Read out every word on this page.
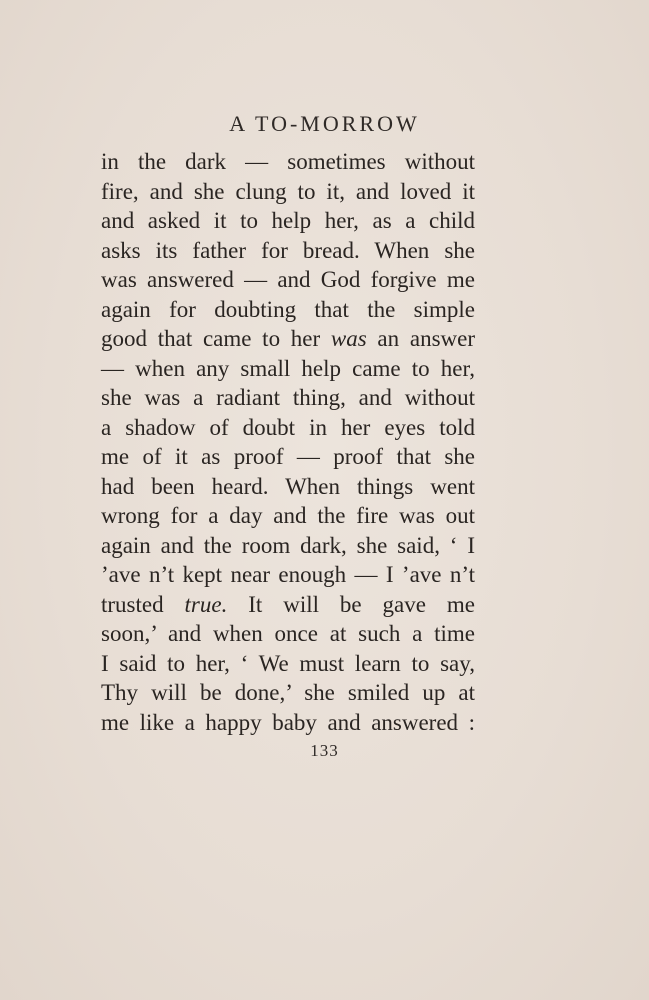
A TO-MORROW
in the dark — sometimes without
fire, and she clung to it, and loved it
and asked it to help her, as a child
asks its father for bread. When she
was answered — and God forgive me
again for doubting that the simple
good that came to her was an answer
— when any small help came to her,
she was a radiant thing, and without
a shadow of doubt in her eyes told
me of it as proof — proof that she
had been heard. When things went
wrong for a day and the fire was out
again and the room dark, she said, ‘ I
’ave n’t kept near enough — I ’ave n’t
trusted true. It will be gave me
soon,’ and when once at such a time
I said to her, ‘ We must learn to say,
Thy will be done,’ she smiled up at
me like a happy baby and answered :
133
